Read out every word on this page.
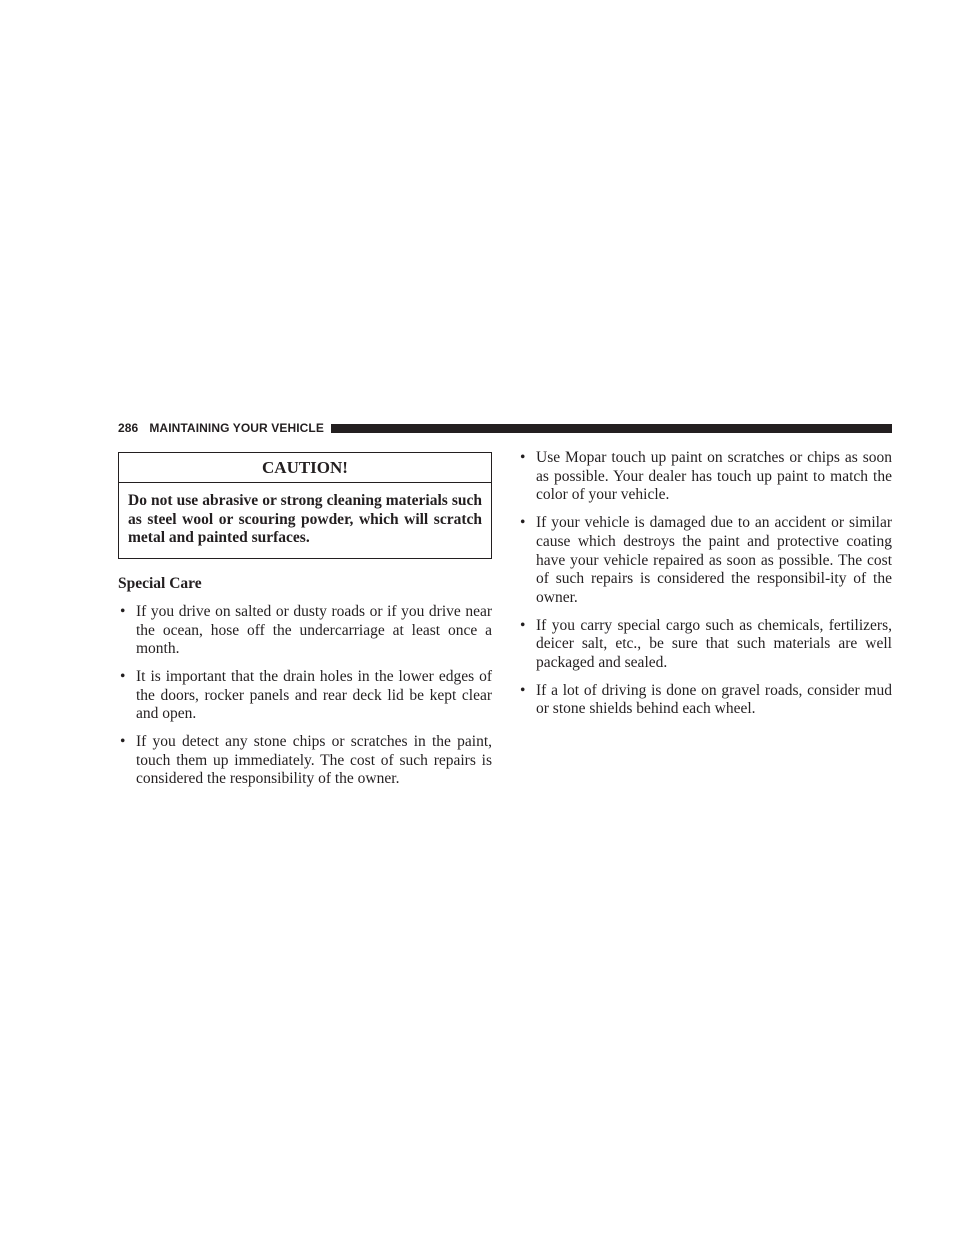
286 MAINTAINING YOUR VEHICLE
CAUTION!
Do not use abrasive or strong cleaning materials such as steel wool or scouring powder, which will scratch metal and painted surfaces.
Special Care
• If you drive on salted or dusty roads or if you drive near the ocean, hose off the undercarriage at least once a month.
• It is important that the drain holes in the lower edges of the doors, rocker panels and rear deck lid be kept clear and open.
• If you detect any stone chips or scratches in the paint, touch them up immediately. The cost of such repairs is considered the responsibility of the owner.
• Use Mopar touch up paint on scratches or chips as soon as possible. Your dealer has touch up paint to match the color of your vehicle.
• If your vehicle is damaged due to an accident or similar cause which destroys the paint and protective coating have your vehicle repaired as soon as possible. The cost of such repairs is considered the responsibil-ity of the owner.
• If you carry special cargo such as chemicals, fertilizers, deicer salt, etc., be sure that such materials are well packaged and sealed.
• If a lot of driving is done on gravel roads, consider mud or stone shields behind each wheel.
